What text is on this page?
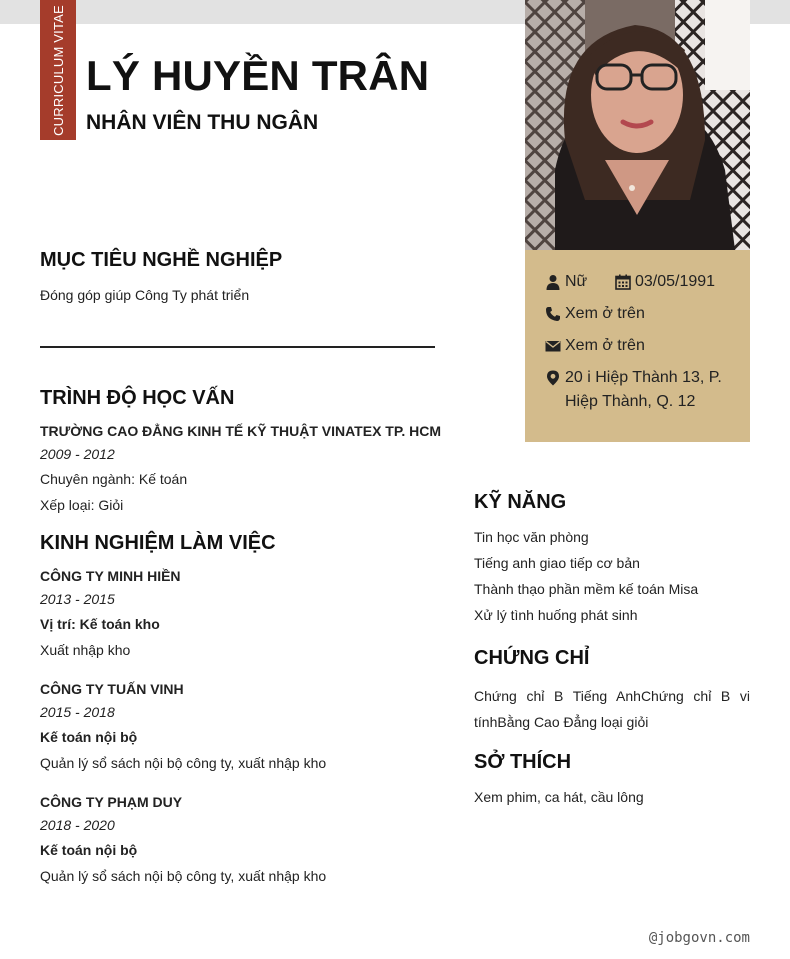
CURRICULUM VITAE LÝ HUYỀN TRÂN
NHÂN VIÊN THU NGÂN
Nữ	03/05/1991
Xem ở trên
Xem ở trên
20 i Hiệp Thành 13, P.
Hiệp Thành, Q. 12
MỤC TIÊU NGHỀ NGHIỆP

Đóng góp giúp Công Ty phát triển

TRÌNH ĐỘ HỌC VẤN

TRƯỜNG CAO ĐẲNG KINH TẾ KỸ THUẬT VINATEX TP. HCM

2009 - 2012

Chuyên ngành: Kế toán

Xếp loại: Giỏi

KINH NGHIỆM LÀM VIỆC

CÔNG TY MINH HIỀN

2013 - 2015

Vị trí: Kế toán kho

Xuất nhập kho

CÔNG TY TUẤN VINH

2015 - 2018

Kế toán nội bộ

Quản lý sổ sách nội bộ công ty, xuất nhập kho

CÔNG TY PHẠM DUY

2018 - 2020

Kế toán nội bộ

Quản lý sổ sách nội bộ công ty, xuất nhập kho

KỸ NĂNG

Tin học văn phòng

Tiếng anh giao tiếp cơ bản

Thành thạo phần mềm kế toán Misa

Xử lý tình huống phát sinh

CHỨNG CHỈ

Chứng chỉ B Tiếng AnhChứng chỉ B vi tínhBằng Cao Đẳng loại giỏi

SỞ THÍCH

Xem phim, ca hát, cầu lông

@jobgovn.com
